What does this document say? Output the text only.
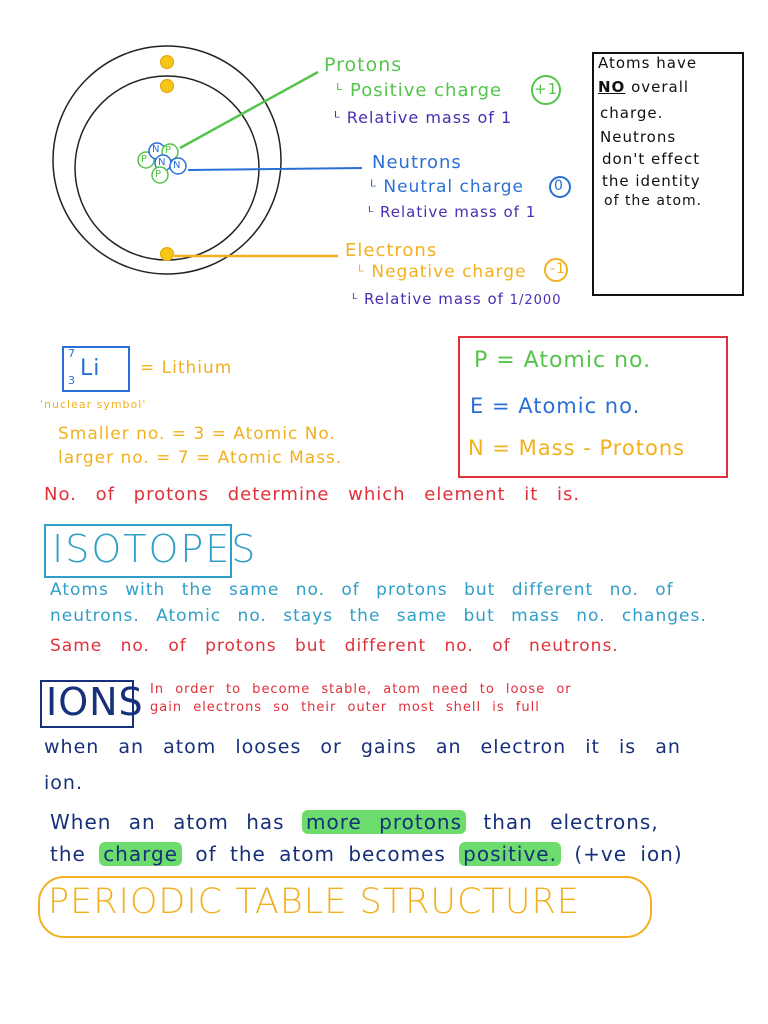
N
P
P
N N
P
Protons
ᴸ Positive charge +1
ᴸ Relative mass of 1
Neutrons
ᴸ Neutral charge 0
ᴸ Relative mass of 1
Electrons
ᴸ Negative charge -1
ᴸ Relative mass of 1/2000
Atoms have
NO overall
charge.
Neutrons
don't effect
the identity
of the atom.
7
3 Li = Lithium
'nuclear symbol'
Smaller no. = 3 = Atomic No.
larger no. = 7 = Atomic Mass.
P = Atomic no.
E = Atomic no.
N = Mass - Protons
No. of protons determine which element it is.
ISOTOPES
Atoms with the same no. of protons but different no. of
neutrons. Atomic no. stays the same but mass no. changes.
Same no. of protons but different no. of neutrons.
IONS In order to become stable, atom need to loose or
gain electrons so their outer most shell is full
when an atom looses or gains an electron it is an
ion.
When an atom has more protons than electrons,
the charge of the atom becomes positive. (+ve ion)
PERIODIC TABLE STRUCTURE
